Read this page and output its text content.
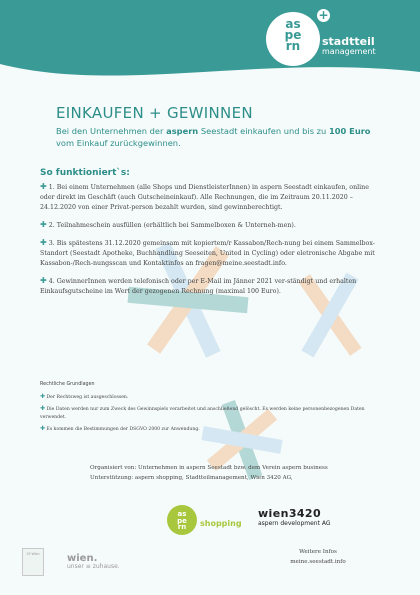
as
pe
rn
+
stadtteil
management
EINKAUFEN + GEWINNEN
Bei den Unternehmen der aspern Seestadt einkaufen und bis zu 100 Euro vom Einkauf zurückgewinnen.
So funktioniert`s:
✚ 1. Bei einem Unternehmen (alle Shops und DienstleisterInnen) in aspern Seestadt einkaufen, online oder direkt im Geschäft (auch Gutscheineinkauf). Alle Rechnungen, die im Zeitraum 20.11.2020 – 24.12.2020 von einer Privat-person bezahlt wurden, sind gewinnberechtigt.
✚ 2. Teilnahmeschein ausfüllen (erhältlich bei Sammelboxen & Unterneh-men).
✚ 3. Bis spätestens 31.12.2020 gemeinsam mit kopiertem/r Kassabon/Rech-nung bei einem Sammelbox-Standort (Seestadt Apotheke, Buchhandlung Seeseiten, United in Cycling) oder eletronische Abgabe mit Kassabon-/Rech-nungsscan und Kontaktinfos an fragen@meine.seestadt.info.
✚ 4. GewinnerInnen werden telefonisch oder per E-Mail im Jänner 2021 ver-ständigt und erhalten Einkaufsgutscheine im Wert der gezogenen Rechnung (maximal 100 Euro).
Rechtliche Grundlagen
✚ Der Rechtsweg ist ausgeschlossen.
✚ Die Daten werden nur zum Zweck des Gewinnspiels verarbeitet und anschließend gelöscht. Es werden keine personenbezogenen Daten verwendet.
✚ Es kommen die Bestimmungen der DSGVO 2000 zur Anwendung.
Organisiert von: Unternehmen in aspern Seestadt bzw. dem Verein aspern business
Unterstützung: aspern shopping, Stadtteilmanagement, Wien 3420 AG,
as
pe
rn	shopping
wien3420
aspern development AG
Weitere Infos
meine.seestadt.info
25 Wien	wien.
unser ≡ zuhause.
